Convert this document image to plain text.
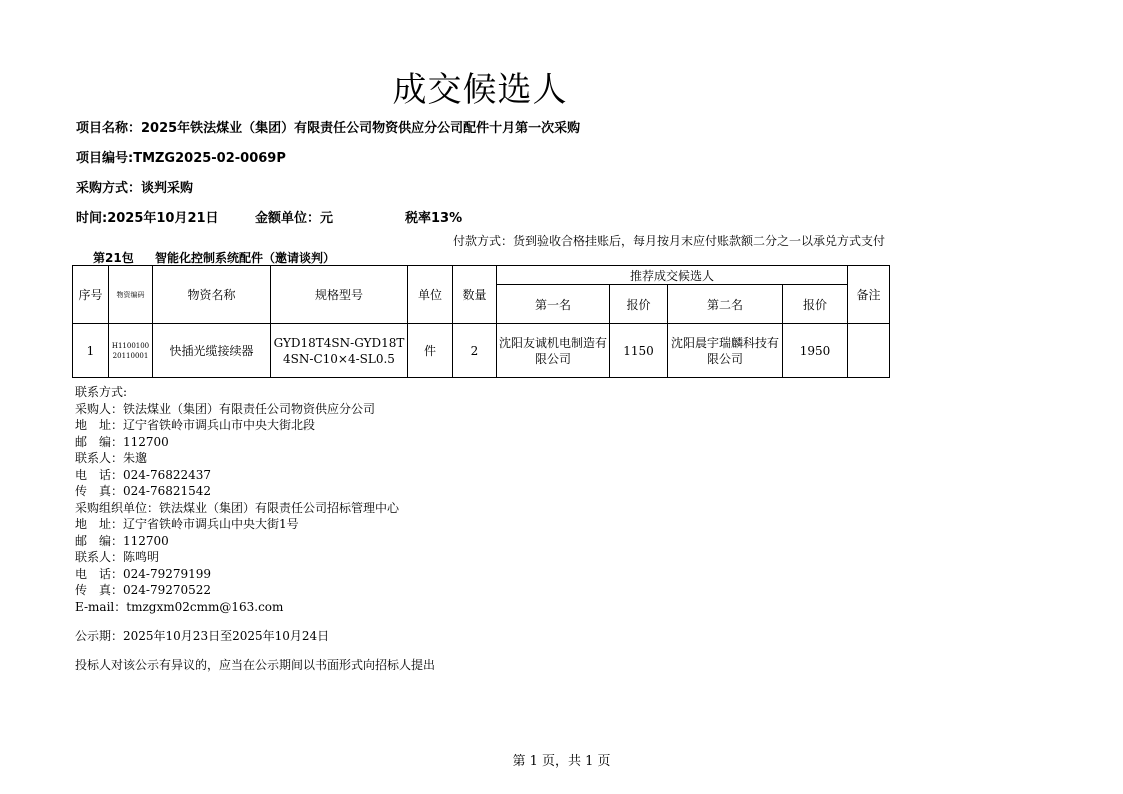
成交候选人
项目名称：2025年铁法煤业（集团）有限责任公司物资供应分公司配件十月第一次采购
项目编号:TMZG2025-02-0069P
采购方式：谈判采购
时间:2025年10月21日	金额单位：元	税率13%
第21包 智能化控制系统配件（邀请谈判）
付款方式：货到验收合格挂账后，每月按月末应付账款额二分之一以承兑方式支付
序号	物资编码	物资名称	规格型号	单位	数量	推荐成交候选人				备注
						第一名	报价	第二名	报价	
1	H110010020110001	快插光缆接续器	GYD18T4SN-GYD18T4SN-C10×4-SL0.5	件	2	沈阳友诚机电制造有限公司	1150	沈阳晨宇瑞麟科技有限公司	1950	
联系方式:
采购人：铁法煤业（集团）有限责任公司物资供应分公司
地　址：辽宁省铁岭市调兵山市中央大街北段
邮　编：112700
联系人：朱邈
电　话：024-76822437
传　真：024-76821542
采购组织单位：铁法煤业（集团）有限责任公司招标管理中心
地　址：辽宁省铁岭市调兵山中央大街1号
邮　编：112700
联系人：陈鸣明
电　话：024-79279199
传　真：024-79270522
E-mail：tmzgxm02cmm@163.com
公示期：2025年10月23日至2025年10月24日
投标人对该公示有异议的，应当在公示期间以书面形式向招标人提出
第 1 页，共 1 页
